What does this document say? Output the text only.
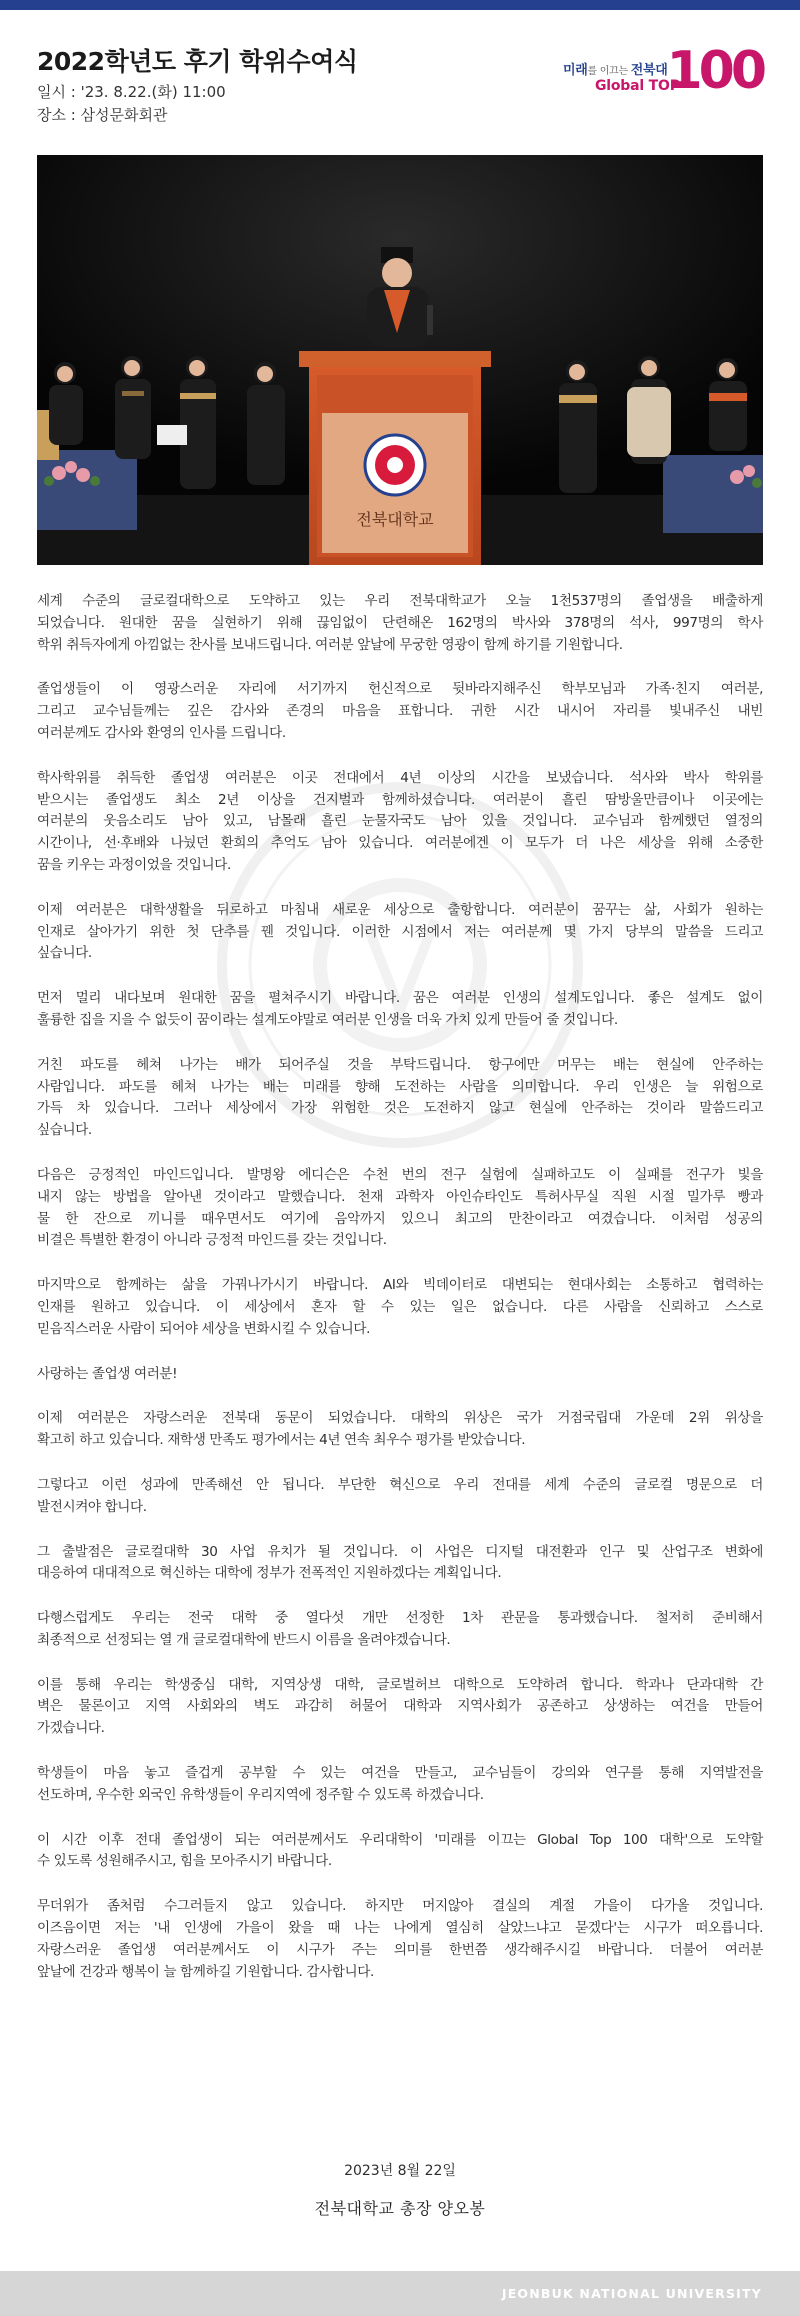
2022학년도 후기 학위수여식
일시 : '23. 8.22.(화) 11:00
장소 : 삼성문화회관
미래를 이끄는 전북대
Global TOP
100
전북대학교
세계 수준의 글로컬대학으로 도약하고 있는 우리 전북대학교가 오늘 1천537명의 졸업생을 배출하게
되었습니다. 원대한 꿈을 실현하기 위해 끊임없이 단련해온 162명의 박사와 378명의 석사, 997명의 학사
학위 취득자에게 아낌없는 찬사를 보내드립니다. 여러분 앞날에 무궁한 영광이 함께 하기를 기원합니다.
졸업생들이 이 영광스러운 자리에 서기까지 헌신적으로 뒷바라지해주신 학부모님과 가족·친지 여러분,
그리고 교수님들께는 깊은 감사와 존경의 마음을 표합니다. 귀한 시간 내시어 자리를 빛내주신 내빈
여러분께도 감사와 환영의 인사를 드립니다.
학사학위를 취득한 졸업생 여러분은 이곳 전대에서 4년 이상의 시간을 보냈습니다. 석사와 박사 학위를
받으시는 졸업생도 최소 2년 이상을 건지벌과 함께하셨습니다. 여러분이 흘린 땀방울만큼이나 이곳에는
여러분의 웃음소리도 남아 있고, 남몰래 흘린 눈물자국도 남아 있을 것입니다. 교수님과 함께했던 열정의
시간이나, 선·후배와 나눴던 환희의 추억도 남아 있습니다. 여러분에겐 이 모두가 더 나은 세상을 위해 소중한
꿈을 키우는 과정이었을 것입니다.
이제 여러분은 대학생활을 뒤로하고 마침내 새로운 세상으로 출항합니다. 여러분이 꿈꾸는 삶, 사회가 원하는
인재로 살아가기 위한 첫 단추를 꿴 것입니다. 이러한 시점에서 저는 여러분께 몇 가지 당부의 말씀을 드리고
싶습니다.
먼저 멀리 내다보며 원대한 꿈을 펼쳐주시기 바랍니다. 꿈은 여러분 인생의 설계도입니다. 좋은 설계도 없이
훌륭한 집을 지을 수 없듯이 꿈이라는 설계도야말로 여러분 인생을 더욱 가치 있게 만들어 줄 것입니다.
거친 파도를 헤쳐 나가는 배가 되어주실 것을 부탁드립니다. 항구에만 머무는 배는 현실에 안주하는
사람입니다. 파도를 헤쳐 나가는 배는 미래를 향해 도전하는 사람을 의미합니다. 우리 인생은 늘 위험으로
가득 차 있습니다. 그러나 세상에서 가장 위험한 것은 도전하지 않고 현실에 안주하는 것이라 말씀드리고
싶습니다.
다음은 긍정적인 마인드입니다. 발명왕 에디슨은 수천 번의 전구 실험에 실패하고도 이 실패를 전구가 빛을
내지 않는 방법을 알아낸 것이라고 말했습니다. 천재 과학자 아인슈타인도 특허사무실 직원 시절 밀가루 빵과
물 한 잔으로 끼니를 때우면서도 여기에 음악까지 있으니 최고의 만찬이라고 여겼습니다. 이처럼 성공의
비결은 특별한 환경이 아니라 긍정적 마인드를 갖는 것입니다.
마지막으로 함께하는 삶을 가꿔나가시기 바랍니다. AI와 빅데이터로 대변되는 현대사회는 소통하고 협력하는
인재를 원하고 있습니다. 이 세상에서 혼자 할 수 있는 일은 없습니다. 다른 사람을 신뢰하고 스스로
믿음직스러운 사람이 되어야 세상을 변화시킬 수 있습니다.
사랑하는 졸업생 여러분!
이제 여러분은 자랑스러운 전북대 동문이 되었습니다. 대학의 위상은 국가 거점국립대 가운데 2위 위상을
확고히 하고 있습니다. 재학생 만족도 평가에서는 4년 연속 최우수 평가를 받았습니다.
그렇다고 이런 성과에 만족해선 안 됩니다. 부단한 혁신으로 우리 전대를 세계 수준의 글로컬 명문으로 더
발전시켜야 합니다.
그 출발점은 글로컬대학 30 사업 유치가 될 것입니다. 이 사업은 디지털 대전환과 인구 및 산업구조 변화에
대응하여 대대적으로 혁신하는 대학에 정부가 전폭적인 지원하겠다는 계획입니다.
다행스럽게도 우리는 전국 대학 중 열다섯 개만 선정한 1차 관문을 통과했습니다. 철저히 준비해서
최종적으로 선정되는 열 개 글로컬대학에 반드시 이름을 올려야겠습니다.
이를 통해 우리는 학생중심 대학, 지역상생 대학, 글로벌허브 대학으로 도약하려 합니다. 학과나 단과대학 간
벽은 물론이고 지역 사회와의 벽도 과감히 허물어 대학과 지역사회가 공존하고 상생하는 여건을 만들어
가겠습니다.
학생들이 마음 놓고 즐겁게 공부할 수 있는 여건을 만들고, 교수님들이 강의와 연구를 통해 지역발전을
선도하며, 우수한 외국인 유학생들이 우리지역에 정주할 수 있도록 하겠습니다.
이 시간 이후 전대 졸업생이 되는 여러분께서도 우리대학이 '미래를 이끄는 Global Top 100 대학'으로 도약할
수 있도록 성원해주시고, 힘을 모아주시기 바랍니다.
무더위가 좀처럼 수그러들지 않고 있습니다. 하지만 머지않아 결실의 계절 가을이 다가올 것입니다.
이즈음이면 저는 '내 인생에 가을이 왔을 때 나는 나에게 열심히 살았느냐고 묻겠다'는 시구가 떠오릅니다.
자랑스러운 졸업생 여러분께서도 이 시구가 주는 의미를 한번쯤 생각해주시길 바랍니다. 더불어 여러분
앞날에 건강과 행복이 늘 함께하길 기원합니다. 감사합니다.
2023년 8월 22일
전북대학교 총장 양오봉
JEONBUK NATIONAL UNIVERSITY
